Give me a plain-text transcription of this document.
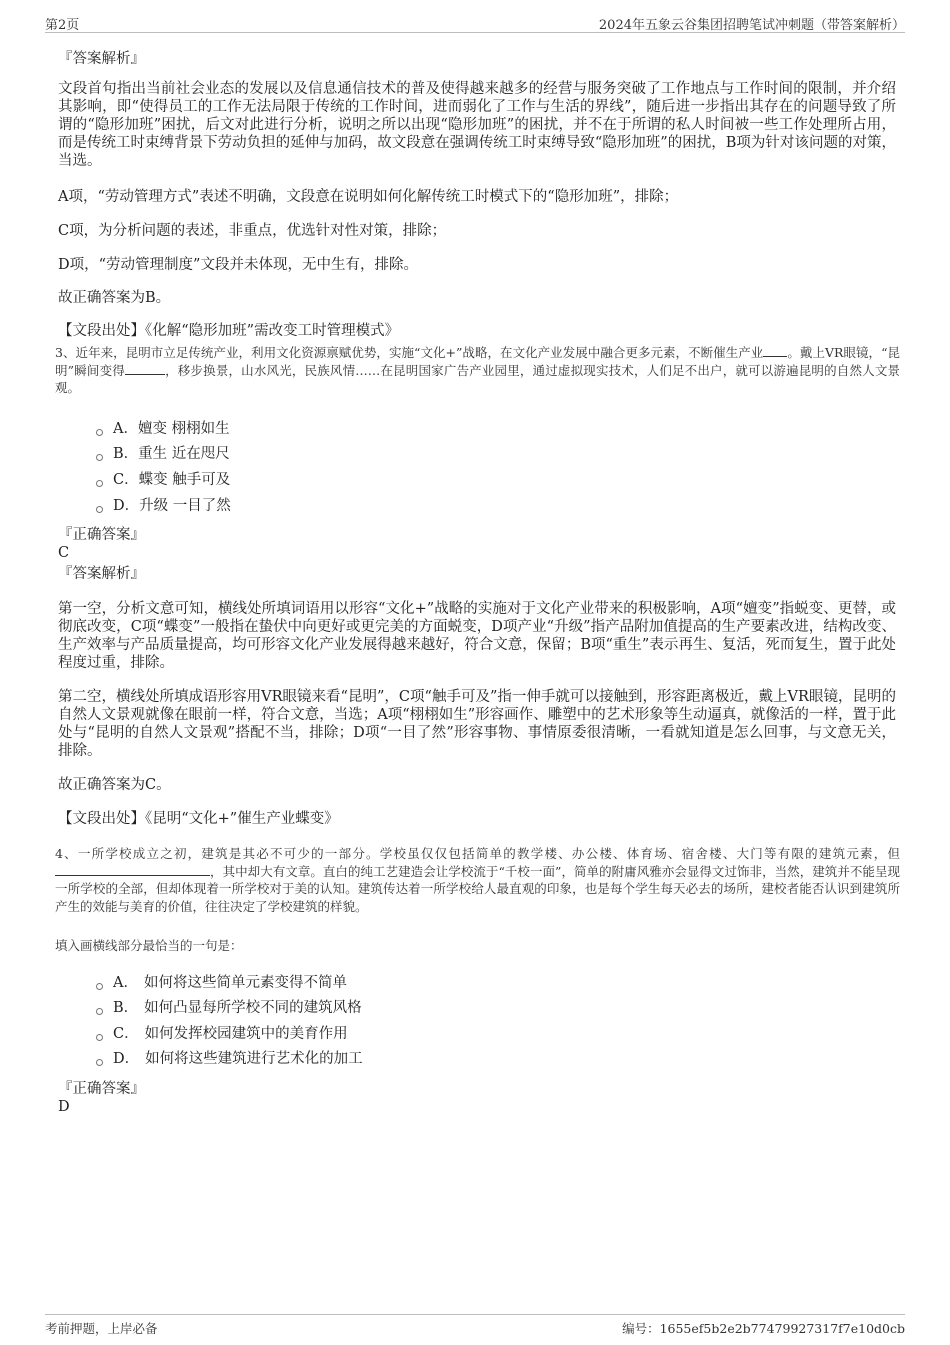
第2页	2024年五象云谷集团招聘笔试冲刺题（带答案解析）
『答案解析』
文段首句指出当前社会业态的发展以及信息通信技术的普及使得越来越多的经营与服务突破了工作地点与工作时间的限制，并介绍其影响，即“使得员工的工作无法局限于传统的工作时间，进而弱化了工作与生活的界线”，随后进一步指出其存在的问题导致了所谓的“隐形加班”困扰，后文对此进行分析，说明之所以出现“隐形加班”的困扰，并不在于所谓的私人时间被一些工作处理所占用，而是传统工时束缚背景下劳动负担的延伸与加码，故文段意在强调传统工时束缚导致“隐形加班”的困扰，B项为针对该问题的对策，当选。
A项，“劳动管理方式”表述不明确，文段意在说明如何化解传统工时模式下的“隐形加班”，排除；
C项，为分析问题的表述，非重点，优选针对性对策，排除；
D项，“劳动管理制度”文段并未体现，无中生有，排除。
故正确答案为B。
【文段出处】《化解“隐形加班”需改变工时管理模式》
3、近年来，昆明市立足传统产业，利用文化资源禀赋优势，实施“文化+”战略，在文化产业发展中融合更多元素，不断催生产业 。戴上VR眼镜，“昆明”瞬间变得	，移步换景，山水风光，民族风情……在昆明国家广告产业园里，通过虚拟现实技术，人们足不出户，就可以游遍昆明的自然人文景观。
A． 嬗变 栩栩如生
B． 重生 近在咫尺
C． 蝶变 触手可及
D． 升级 一目了然
『正确答案』
C
『答案解析』
第一空，分析文意可知，横线处所填词语用以形容“文化+”战略的实施对于文化产业带来的积极影响，A项“嬗变”指蜕变、更替，或彻底改变，C项“蝶变”一般指在蛰伏中向更好或更完美的方面蜕变，D项产业“升级”指产品附加值提高的生产要素改进，结构改变、生产效率与产品质量提高，均可形容文化产业发展得越来越好，符合文意，保留；B项“重生”表示再生、复活，死而复生，置于此处程度过重，排除。
第二空，横线处所填成语形容用VR眼镜来看“昆明”，C项“触手可及”指一伸手就可以接触到，形容距离极近，戴上VR眼镜，昆明的自然人文景观就像在眼前一样，符合文意，当选；A项“栩栩如生”形容画作、雕塑中的艺术形象等生动逼真，就像活的一样，置于此处与“昆明的自然人文景观”搭配不当，排除；D项“一目了然”形容事物、事情原委很清晰，一看就知道是怎么回事，与文意无关，排除。
故正确答案为C。
【文段出处】《昆明“文化+”催生产业蝶变》
4、一所学校成立之初，建筑是其必不可少的一部分。学校虽仅仅包括简单的教学楼、办公楼、体育场、宿舍楼、大门等有限的建筑元素，但，其中却大有文章。直白的纯工艺建造会让学校流于“千校一面”，简单的附庸风雅亦会显得文过饰非，当然，建筑并不能呈现一所学校的全部，但却体现着一所学校对于美的认知。建筑传达着一所学校给人最直观的印象，也是每个学生每天必去的场所，建校者能否认识到建筑所产生的效能与美育的价值，往往决定了学校建筑的样貌。
填入画横线部分最恰当的一句是：
A． 如何将这些简单元素变得不简单
B． 如何凸显每所学校不同的建筑风格
C． 如何发挥校园建筑中的美育作用
D． 如何将这些建筑进行艺术化的加工
『正确答案』
D
考前押题，上岸必备	编号：1655ef5b2e2b77479927317f7e10d0cb
